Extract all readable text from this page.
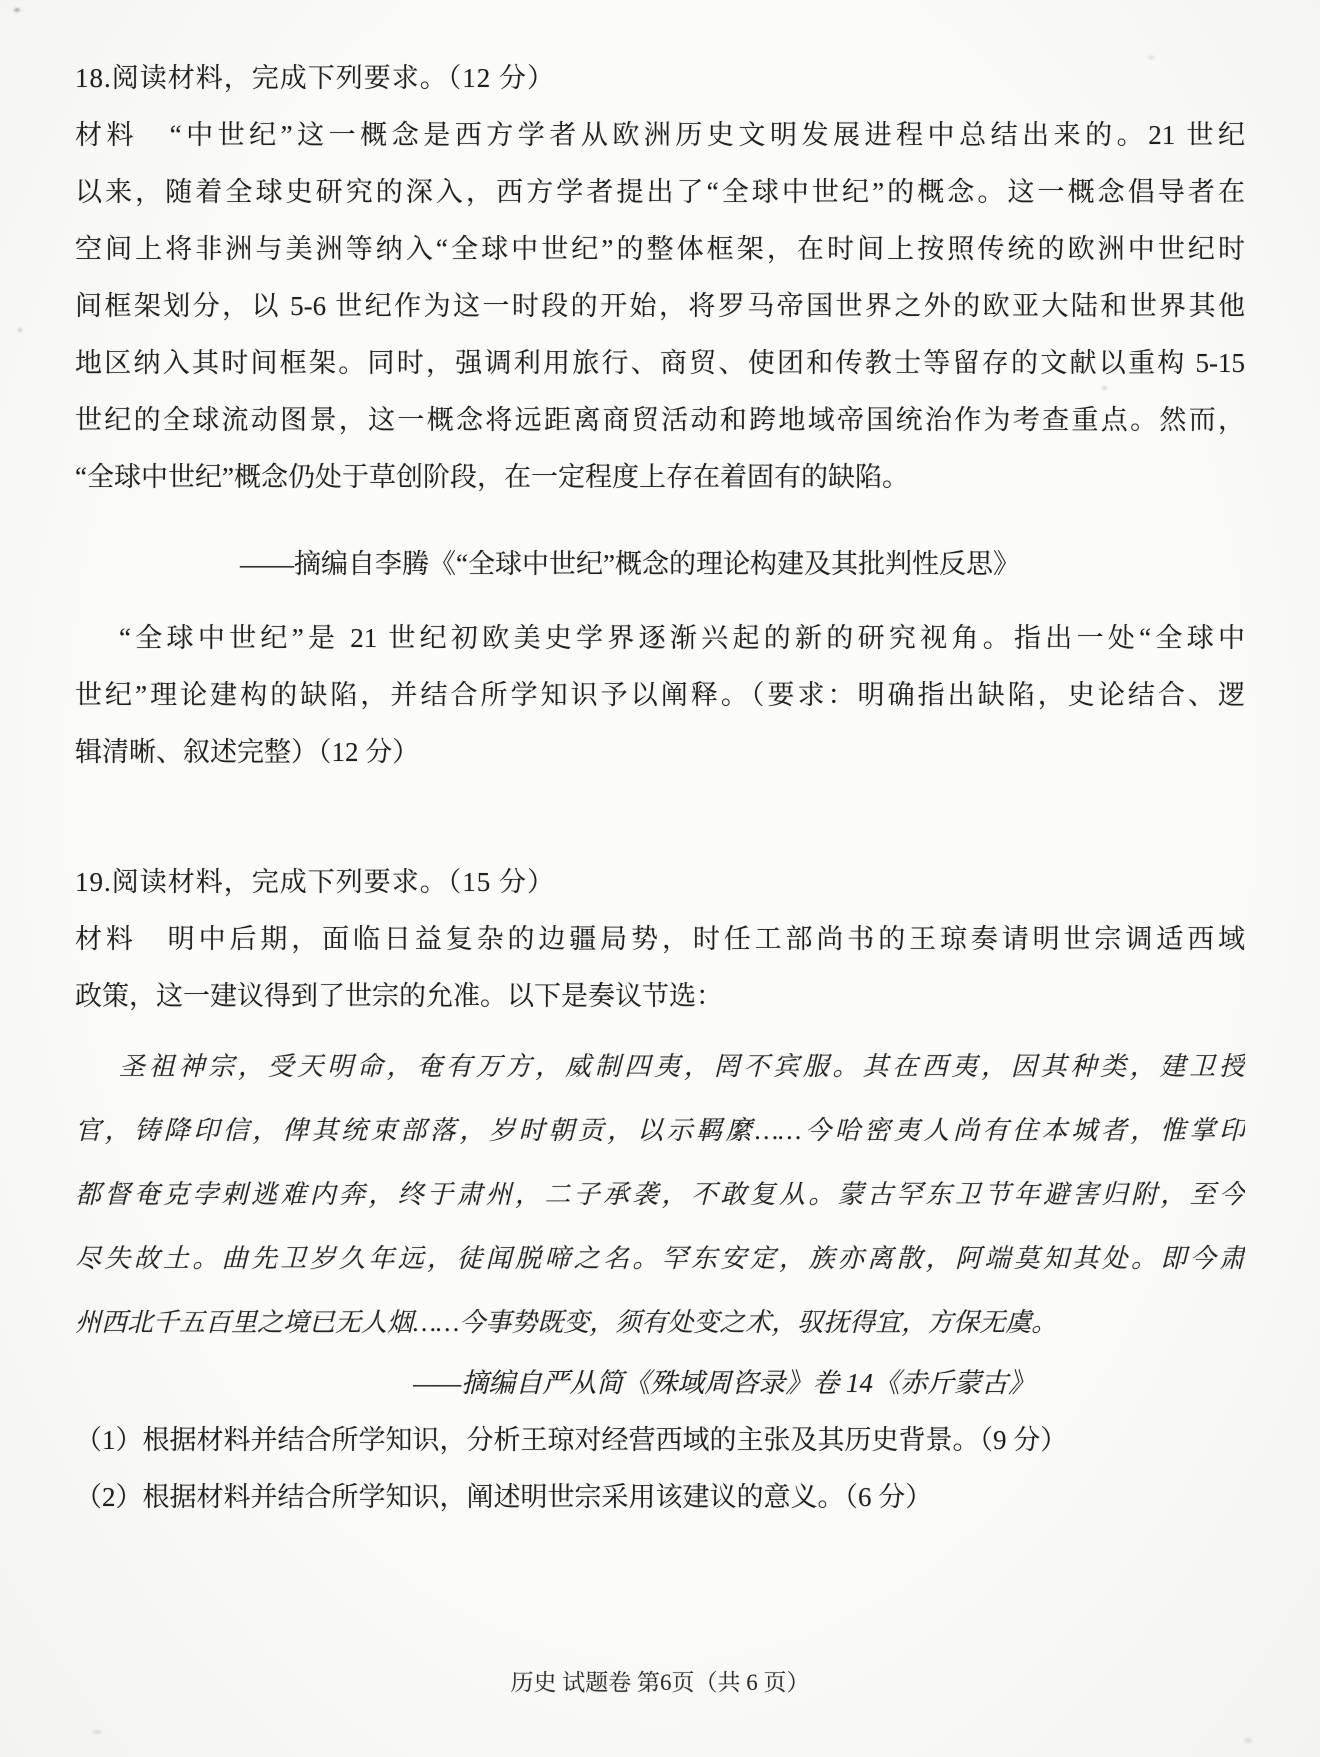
18.阅读材料，完成下列要求。（12 分）
材料　“中世纪”这一概念是西方学者从欧洲历史文明发展进程中总结出来的。21 世纪
以来，随着全球史研究的深入，西方学者提出了“全球中世纪”的概念。这一概念倡导者在
空间上将非洲与美洲等纳入“全球中世纪”的整体框架，在时间上按照传统的欧洲中世纪时
间框架划分，以 5-6 世纪作为这一时段的开始，将罗马帝国世界之外的欧亚大陆和世界其他
地区纳入其时间框架。同时，强调利用旅行、商贸、使团和传教士等留存的文献以重构 5-15
世纪的全球流动图景，这一概念将远距离商贸活动和跨地域帝国统治作为考查重点。然而，
“全球中世纪”概念仍处于草创阶段，在一定程度上存在着固有的缺陷。
——摘编自李腾《“全球中世纪”概念的理论构建及其批判性反思》
“全球中世纪”是 21 世纪初欧美史学界逐渐兴起的新的研究视角。指出一处“全球中
世纪”理论建构的缺陷，并结合所学知识予以阐释。（要求：明确指出缺陷，史论结合、逻
辑清晰、叙述完整）（12 分）
19.阅读材料，完成下列要求。（15 分）
材料　明中后期，面临日益复杂的边疆局势，时任工部尚书的王琼奏请明世宗调适西域
政策，这一建议得到了世宗的允准。以下是奏议节选：
圣祖神宗，受天明命，奄有万方，威制四夷，罔不宾服。其在西夷，因其种类，建卫授
官，铸降印信，俾其统束部落，岁时朝贡，以示羁縻……今哈密夷人尚有住本城者，惟掌印
都督奄克孛剌逃难内奔，终于肃州，二子承袭，不敢复从。蒙古罕东卫节年避害归附，至今
尽失故土。曲先卫岁久年远，徒闻脱啼之名。罕东安定，族亦离散，阿端莫知其处。即今肃
州西北千五百里之境已无人烟……今事势既变，须有处变之术，驭抚得宜，方保无虞。
——摘编自严从简《殊域周咨录》卷 14《赤斤蒙古》
（1）根据材料并结合所学知识，分析王琼对经营西域的主张及其历史背景。（9 分）
（2）根据材料并结合所学知识，阐述明世宗采用该建议的意义。（6 分）
历史 试题卷 第6页（共 6 页）
